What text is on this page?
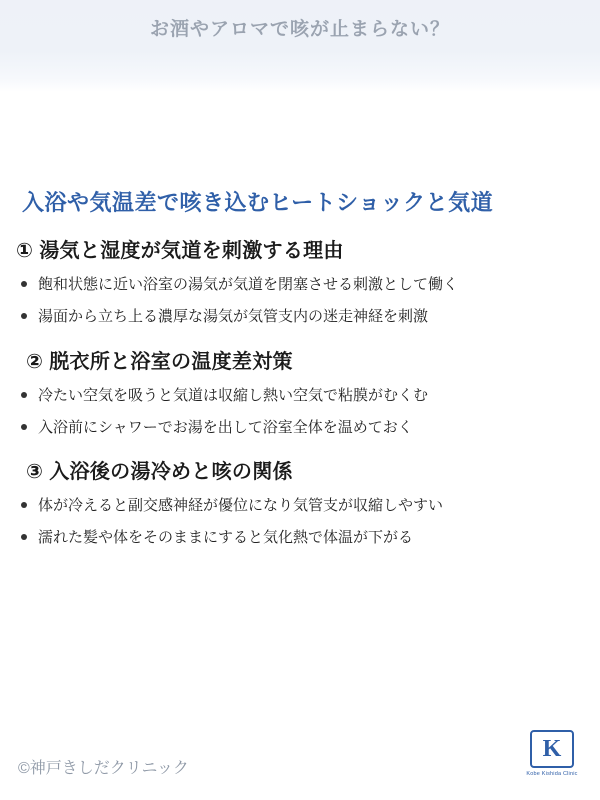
お酒やアロマで咳が止まらない？
入浴や気温差で咳き込むヒートショックと気道
① 湯気と湿度が気道を刺激する理由
飽和状態に近い浴室の湯気が気道を閉塞させる刺激として働く
湯面から立ち上る濃厚な湯気が気管支内の迷走神経を刺激
② 脱衣所と浴室の温度差対策
冷たい空気を吸うと気道は収縮し熱い空気で粘膜がむくむ
入浴前にシャワーでお湯を出して浴室全体を温めておく
③ 入浴後の湯冷めと咳の関係
体が冷えると副交感神経が優位になり気管支が収縮しやすい
濡れた髪や体をそのままにすると気化熱で体温が下がる
©神戸きしだクリニック
K
Kobe Kishida Clinic
